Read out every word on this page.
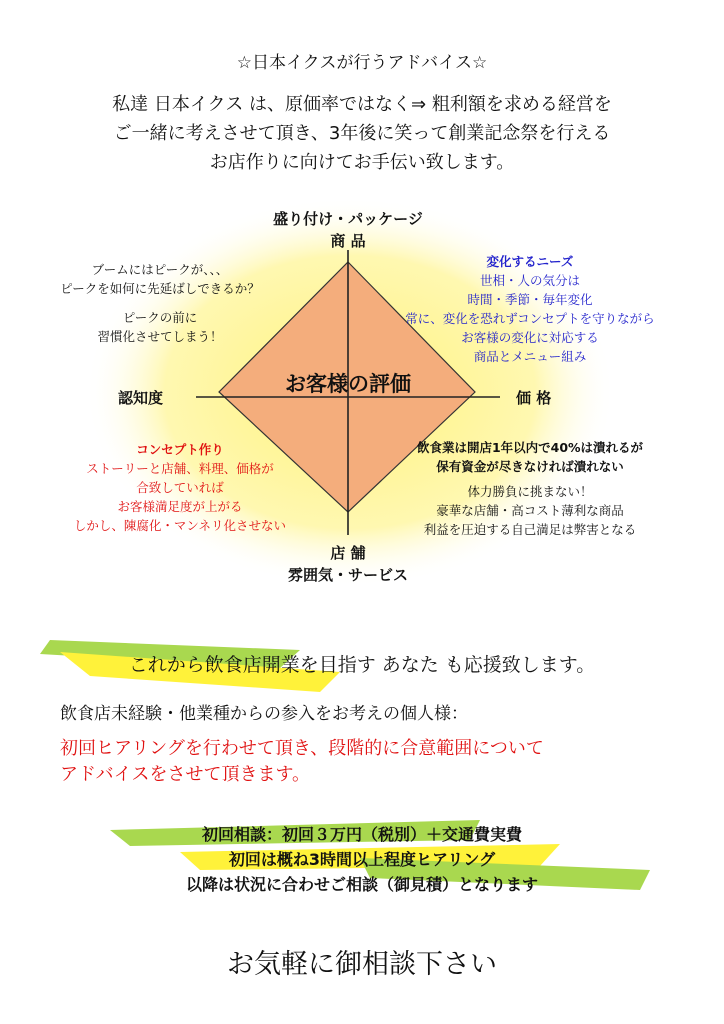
☆日本イクスが行うアドバイス☆
私達 日本イクス は、原価率ではなく⇒ 粗利額を求める経営を
ご一緒に考えさせて頂き、3年後に笑って創業記念祭を行える
お店作りに向けてお手伝い致します。
盛り付け・パッケージ
商 品
店 舗
雰囲気・サービス
認知度	価 格
お客様の評価
ブームにはピークが、、、
ピークを如何に先延ばしできるか？
ピークの前に
習慣化させてしまう！
変化するニーズ
世相・人の気分は
時間・季節・毎年変化
常に、変化を恐れずコンセプトを守りながら
お客様の変化に対応する
商品とメニュー組み
コンセプト作り
ストーリーと店舗、料理、価格が
合致していれば
お客様満足度が上がる
しかし、陳腐化・マンネリ化させない
飲食業は開店1年以内で40%は潰れるが
保有資金が尽きなければ潰れない
体力勝負に挑まない！
豪華な店舗・高コスト薄利な商品
利益を圧迫する自己満足は弊害となる
これから飲食店開業を目指す あなた も応援致します。
飲食店未経験・他業種からの参入をお考えの個人様：
初回ヒアリングを行わせて頂き、段階的に合意範囲について
アドバイスをさせて頂きます。
初回相談：初回３万円（税別）＋交通費実費
初回は概ね3時間以上程度ヒアリング
以降は状況に合わせご相談（御見積）となります
お気軽に御相談下さい
